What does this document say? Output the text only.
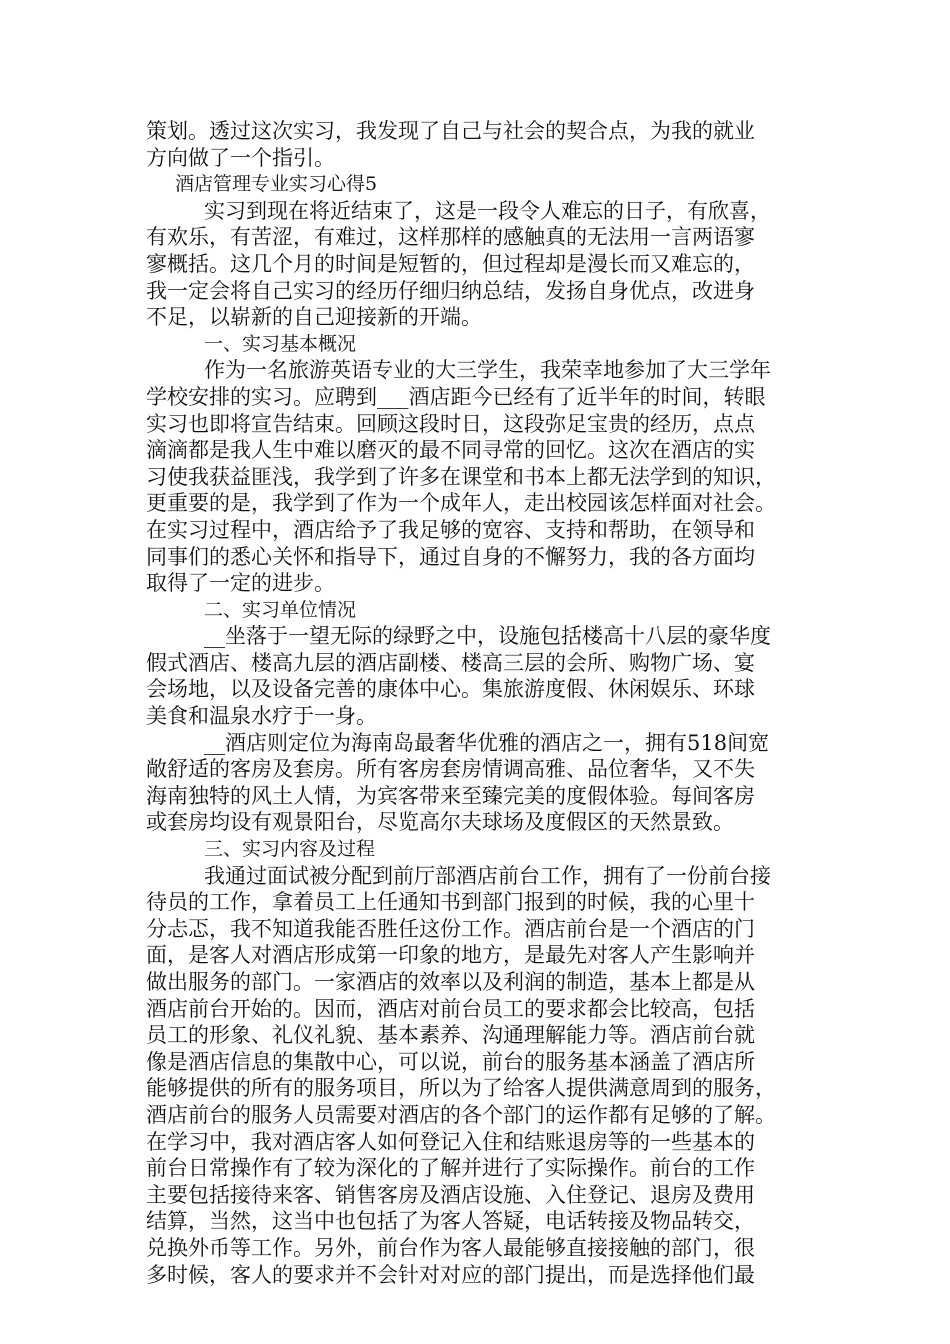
策划。透过这次实习，我发现了自己与社会的契合点，为我的就业
方向做了一个指引。
酒店管理专业实习心得5
实习到现在将近结束了，这是一段令人难忘的日子，有欣喜，
有欢乐，有苦涩，有难过，这样那样的感触真的无法用一言两语寥
寥概括。这几个月的时间是短暂的，但过程却是漫长而又难忘的，
我一定会将自己实习的经历仔细归纳总结，发扬自身优点，改进身
不足，以崭新的自己迎接新的开端。
一、实习基本概况
作为一名旅游英语专业的大三学生，我荣幸地参加了大三学年
学校安排的实习。应聘到___酒店距今已经有了近半年的时间，转眼
实习也即将宣告结束。回顾这段时日，这段弥足宝贵的经历，点点
滴滴都是我人生中难以磨灭的最不同寻常的回忆。这次在酒店的实
习使我获益匪浅，我学到了许多在课堂和书本上都无法学到的知识，
更重要的是，我学到了作为一个成年人，走出校园该怎样面对社会。
在实习过程中，酒店给予了我足够的宽容、支持和帮助，在领导和
同事们的悉心关怀和指导下，通过自身的不懈努力，我的各方面均
取得了一定的进步。
二、实习单位情况
__坐落于一望无际的绿野之中，设施包括楼高十八层的豪华度
假式酒店、楼高九层的酒店副楼、楼高三层的会所、购物广场、宴
会场地，以及设备完善的康体中心。集旅游度假、休闲娱乐、环球
美食和温泉水疗于一身。
__酒店则定位为海南岛最奢华优雅的酒店之一，拥有518间宽
敞舒适的客房及套房。所有客房套房情调高雅、品位奢华，又不失
海南独特的风土人情，为宾客带来至臻完美的度假体验。每间客房
或套房均设有观景阳台，尽览高尔夫球场及度假区的天然景致。
三、实习内容及过程
我通过面试被分配到前厅部酒店前台工作，拥有了一份前台接
待员的工作，拿着员工上任通知书到部门报到的时候，我的心里十
分忐忑，我不知道我能否胜任这份工作。酒店前台是一个酒店的门
面，是客人对酒店形成第一印象的地方，是最先对客人产生影响并
做出服务的部门。一家酒店的效率以及利润的制造，基本上都是从
酒店前台开始的。因而，酒店对前台员工的要求都会比较高，包括
员工的形象、礼仪礼貌、基本素养、沟通理解能力等。酒店前台就
像是酒店信息的集散中心，可以说，前台的服务基本涵盖了酒店所
能够提供的所有的服务项目，所以为了给客人提供满意周到的服务，
酒店前台的服务人员需要对酒店的各个部门的运作都有足够的了解。
在学习中，我对酒店客人如何登记入住和结账退房等的一些基本的
前台日常操作有了较为深化的了解并进行了实际操作。前台的工作
主要包括接待来客、销售客房及酒店设施、入住登记、退房及费用
结算，当然，这当中也包括了为客人答疑，电话转接及物品转交，
兑换外币等工作。另外，前台作为客人最能够直接接触的部门，很
多时候，客人的要求并不会针对对应的部门提出，而是选择他们最
